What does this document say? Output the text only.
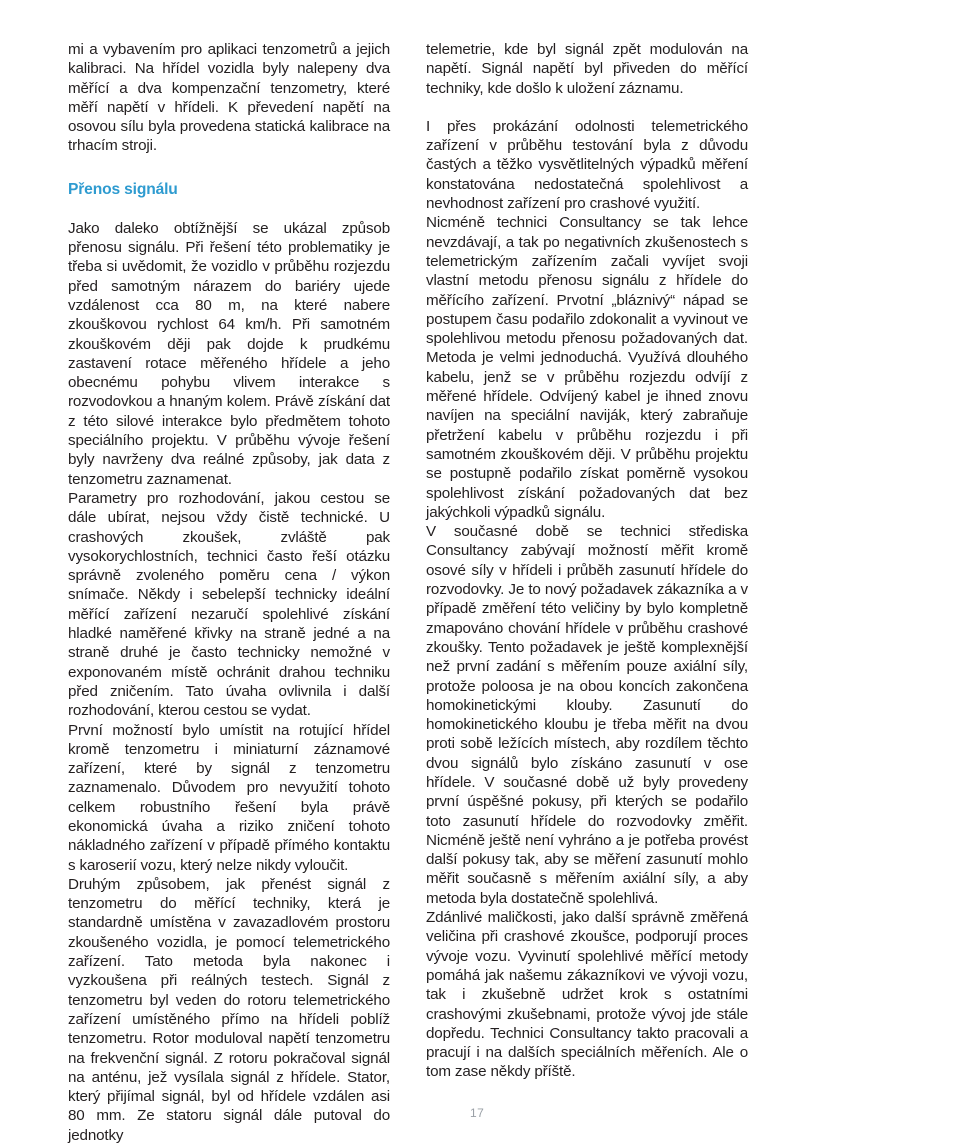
mi a vybavením pro aplikaci tenzometrů a jejich kalibraci. Na hřídel vozidla byly nalepeny dva měřící a dva kompenzační tenzometry, které měří napětí v hřídeli. K převedení napětí na osovou sílu byla provedena statická kalibrace na trhacím stroji.

Přenos signálu

Jako daleko obtížnější se ukázal způsob přenosu signálu. Při řešení této problematiky je třeba si uvědomit, že vozidlo v průběhu rozjezdu před samotným nárazem do bariéry ujede vzdálenost cca 80 m, na které nabere zkouškovou rychlost 64 km/h. Při samotném zkouškovém ději pak dojde k prudkému zastavení rotace měřeného hřídele a jeho obecnému pohybu vlivem interakce s rozvodovkou a hnaným kolem. Právě získání dat z této silové interakce bylo předmětem tohoto speciálního projektu. V průběhu vývoje řešení byly navrženy dva reálné způsoby, jak data z tenzometru zaznamenat.

Parametry pro rozhodování, jakou cestou se dále ubírat, nejsou vždy čistě technické. U crashových zkoušek, zvláště pak vysokorychlostních, technici často řeší otázku správně zvoleného poměru cena / výkon snímače. Někdy i sebelepší technicky ideální měřící zařízení nezaručí spolehlivé získání hladké naměřené křivky na straně jedné a na straně druhé je často technicky nemožné v exponovaném místě ochránit drahou techniku před zničením. Tato úvaha ovlivnila i další rozhodování, kterou cestou se vydat.

První možností bylo umístit na rotující hřídel kromě tenzometru i miniaturní záznamové zařízení, které by signál z tenzometru zaznamenalo. Důvodem pro nevyužití tohoto celkem robustního řešení byla právě ekonomická úvaha a riziko zničení tohoto nákladného zařízení v případě přímého kontaktu s karoserií vozu, který nelze nikdy vyloučit.

Druhým způsobem, jak přenést signál z tenzometru do měřící techniky, která je standardně umístěna v zavazadlovém prostoru zkoušeného vozidla, je pomocí telemetrického zařízení. Tato metoda byla nakonec i vyzkoušena při reálných testech. Signál z tenzometru byl veden do rotoru telemetrického zařízení umístěného přímo na hřídeli poblíž tenzometru. Rotor moduloval napětí tenzometru na frekvenční signál. Z rotoru pokračoval signál na anténu, jež vysílala signál z hřídele. Stator, který přijímal signál, byl od hřídele vzdálen asi 80 mm. Ze statoru signál dále putoval do jednotky

telemetrie, kde byl signál zpět modulován na napětí. Signál napětí byl přiveden do měřící techniky, kde došlo k uložení záznamu.

I přes prokázání odolnosti telemetrického zařízení v průběhu testování byla z důvodu častých a těžko vysvětlitelných výpadků měření konstatována nedostatečná spolehlivost a nevhodnost zařízení pro crashové využití.

Nicméně technici Consultancy se tak lehce nevzdávají, a tak po negativních zkušenostech s telemetrickým zařízením začali vyvíjet svoji vlastní metodu přenosu signálu z hřídele do měřícího zařízení. Prvotní „bláznivý“ nápad se postupem času podařilo zdokonalit a vyvinout ve spolehlivou metodu přenosu požadovaných dat. Metoda je velmi jednoduchá. Využívá dlouhého kabelu, jenž se v průběhu rozjezdu odvíjí z měřené hřídele. Odvíjený kabel je ihned znovu navíjen na speciální naviják, který zabraňuje přetržení kabelu v průběhu rozjezdu i při samotném zkouškovém ději. V průběhu projektu se postupně podařilo získat poměrně vysokou spolehlivost získání požadovaných dat bez jakýchkoli výpadků signálu.

V současné době se technici střediska Consultancy zabývají možností měřit kromě osové síly v hřídeli i průběh zasunutí hřídele do rozvodovky. Je to nový požadavek zákazníka a v případě změření této veličiny by bylo kompletně zmapováno chování hřídele v průběhu crashové zkoušky. Tento požadavek je ještě komplexnější než první zadání s měřením pouze axiální síly, protože poloosa je na obou koncích zakončena homokinetickými klouby. Zasunutí do homokinetického kloubu je třeba měřit na dvou proti sobě ležících místech, aby rozdílem těchto dvou signálů bylo získáno zasunutí v ose hřídele. V současné době už byly provedeny první úspěšné pokusy, při kterých se podařilo toto zasunutí hřídele do rozvodovky změřit. Nicméně ještě není vyhráno a je potřeba provést další pokusy tak, aby se měření zasunutí mohlo měřit současně s měřením axiální síly, a aby metoda byla dostatečně spolehlivá.

Zdánlivé maličkosti, jako další správně změřená veličina při crashové zkoušce, podporují proces vývoje vozu. Vyvinutí spolehlivé měřící metody pomáhá jak našemu zákazníkovi ve vývoji vozu, tak i zkušebně udržet krok s ostatními crashovými zkušebnami, protože vývoj jde stále dopředu. Technici Consultancy takto pracovali a pracují i na dalších speciálních měřeních. Ale o tom zase někdy příště.

17
